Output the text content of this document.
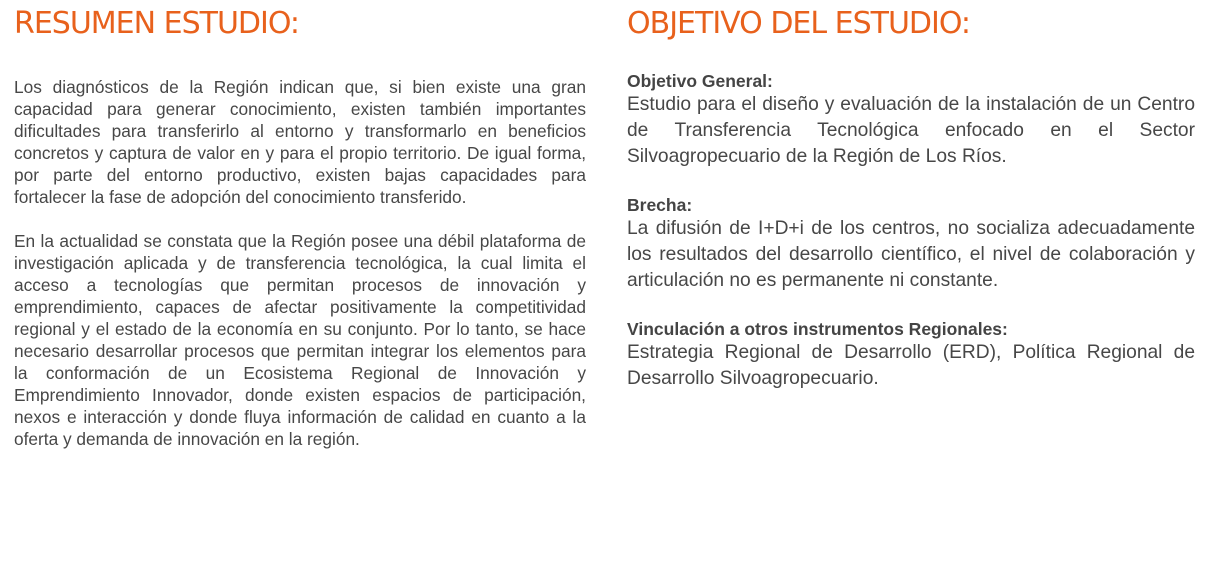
RESUMEN ESTUDIO:

Los diagnósticos de la Región indican que, si bien existe una gran capacidad para generar conocimiento, existen también importantes dificultades para transferirlo al entorno y transformarlo en beneficios concretos y captura de valor en y para el propio territorio. De igual forma, por parte del entorno productivo, existen bajas capacidades para fortalecer la fase de adopción del conocimiento transferido.

En la actualidad se constata que la Región posee una débil plataforma de investigación aplicada y de transferencia tecnológica, la cual limita el acceso a tecnologías que permitan procesos de innovación y emprendimiento, capaces de afectar positivamente la competitividad regional y el estado de la economía en su conjunto. Por lo tanto, se hace necesario desarrollar procesos que permitan integrar los elementos para la conformación de un Ecosistema Regional de Innovación y Emprendimiento Innovador, donde existen espacios de participación, nexos e interacción y donde fluya información de calidad en cuanto a la oferta y demanda de innovación en la región.

OBJETIVO DEL ESTUDIO:

Objetivo General:

Estudio para el diseño y evaluación de la instalación de un Centro de Transferencia Tecnológica enfocado en el Sector Silvoagropecuario de la Región de Los Ríos.

Brecha:

La difusión de I+D+i de los centros, no socializa adecuadamente los resultados del desarrollo científico, el nivel de colaboración y articulación no es permanente ni constante.

Vinculación a otros instrumentos Regionales:

Estrategia Regional de Desarrollo (ERD), Política Regional de Desarrollo Silvoagropecuario.
